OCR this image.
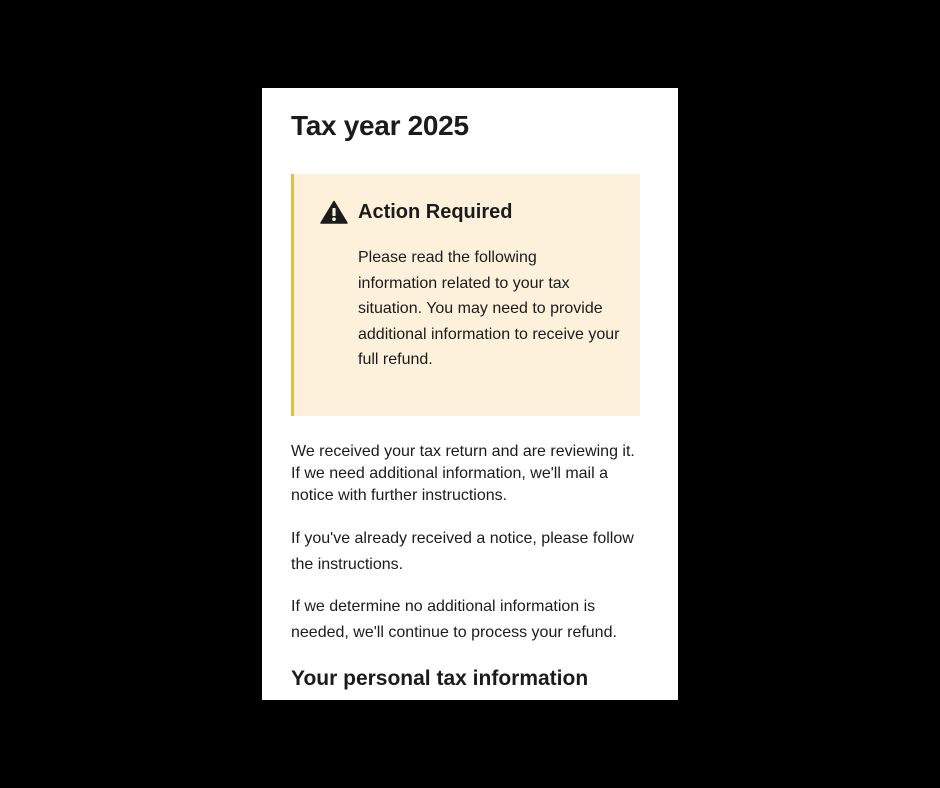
Tax year 2025
Action Required

Please read the following information related to your tax situation. You may need to provide additional information to receive your full refund.

We received your tax return and are reviewing it. If we need additional information, we'll mail a notice with further instructions.

If you've already received a notice, please follow the instructions.

If we determine no additional information is needed, we'll continue to process your refund.

Your personal tax information
